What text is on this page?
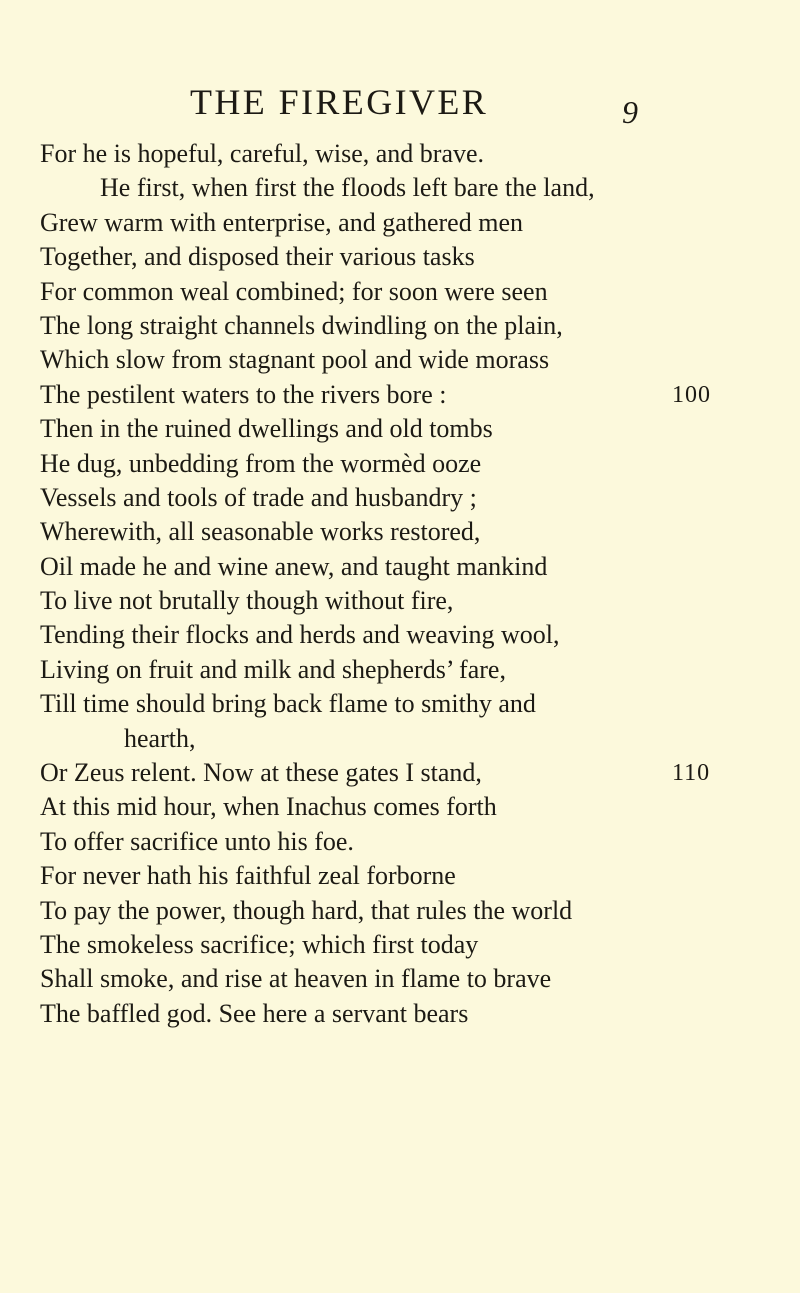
THE FIREGIVER	9
For he is hopeful, careful, wise, and brave.
He first, when first the floods left bare the land,
Grew warm with enterprise, and gathered men
Together, and disposed their various tasks
For common weal combined; for soon were seen
The long straight channels dwindling on the plain,
Which slow from stagnant pool and wide morass
The pestilent waters to the rivers bore :	100
Then in the ruined dwellings and old tombs
He dug, unbedding from the wormèd ooze
Vessels and tools of trade and husbandry ;
Wherewith, all seasonable works restored,
Oil made he and wine anew, and taught mankind
To live not brutally though without fire,
Tending their flocks and herds and weaving wool,
Living on fruit and milk and shepherds’ fare,
Till time should bring back flame to smithy and
hearth,
Or Zeus relent. Now at these gates I stand,	110
At this mid hour, when Inachus comes forth
To offer sacrifice unto his foe.
For never hath his faithful zeal forborne
To pay the power, though hard, that rules the world
The smokeless sacrifice; which first today
Shall smoke, and rise at heaven in flame to brave
The baffled god. See here a servant bears
